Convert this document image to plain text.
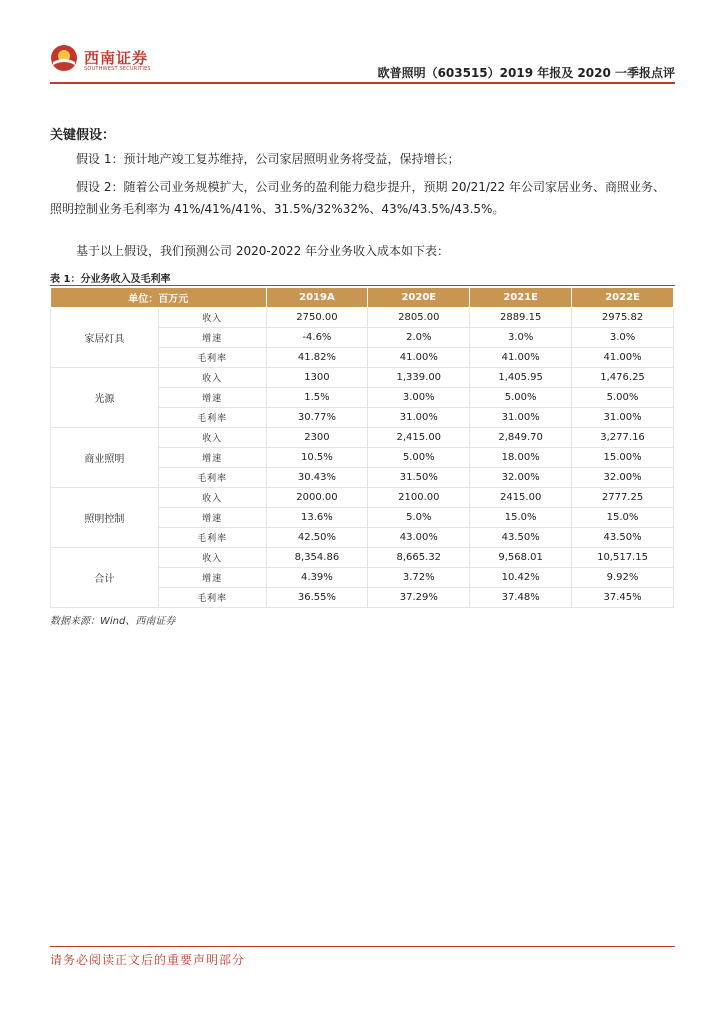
西南证券
SOUTHWEST SECURITIES	欧普照明（603515）2019 年报及 2020 一季报点评
关键假设：

假设 1：预计地产竣工复苏维持，公司家居照明业务将受益，保持增长；

假设 2：随着公司业务规模扩大，公司业务的盈利能力稳步提升，预期 20/21/22 年公司家居业务、商照业务、照明控制业务毛利率为 41%/41%/41%、31.5%/32%32%、43%/43.5%/43.5%。

基于以上假设，我们预测公司 2020-2022 年分业务收入成本如下表：

表 1：分业务收入及毛利率
单位：百万元		2019A	2020E	2021E	2022E
家居灯具	收入	2750.00	2805.00	2889.15	2975.82
	增速	-4.6%	2.0%	3.0%	3.0%
	毛利率	41.82%	41.00%	41.00%	41.00%
光源	收入	1300	1,339.00	1,405.95	1,476.25
	增速	1.5%	3.00%	5.00%	5.00%
	毛利率	30.77%	31.00%	31.00%	31.00%
商业照明	收入	2300	2,415.00	2,849.70	3,277.16
	增速	10.5%	5.00%	18.00%	15.00%
	毛利率	30.43%	31.50%	32.00%	32.00%
照明控制	收入	2000.00	2100.00	2415.00	2777.25
	增速	13.6%	5.0%	15.0%	15.0%
	毛利率	42.50%	43.00%	43.50%	43.50%
合计	收入	8,354.86	8,665.32	9,568.01	10,517.15
	增速	4.39%	3.72%	10.42%	9.92%
	毛利率	36.55%	37.29%	37.48%	37.45%
数据来源：Wind、西南证券
请务必阅读正文后的重要声明部分
